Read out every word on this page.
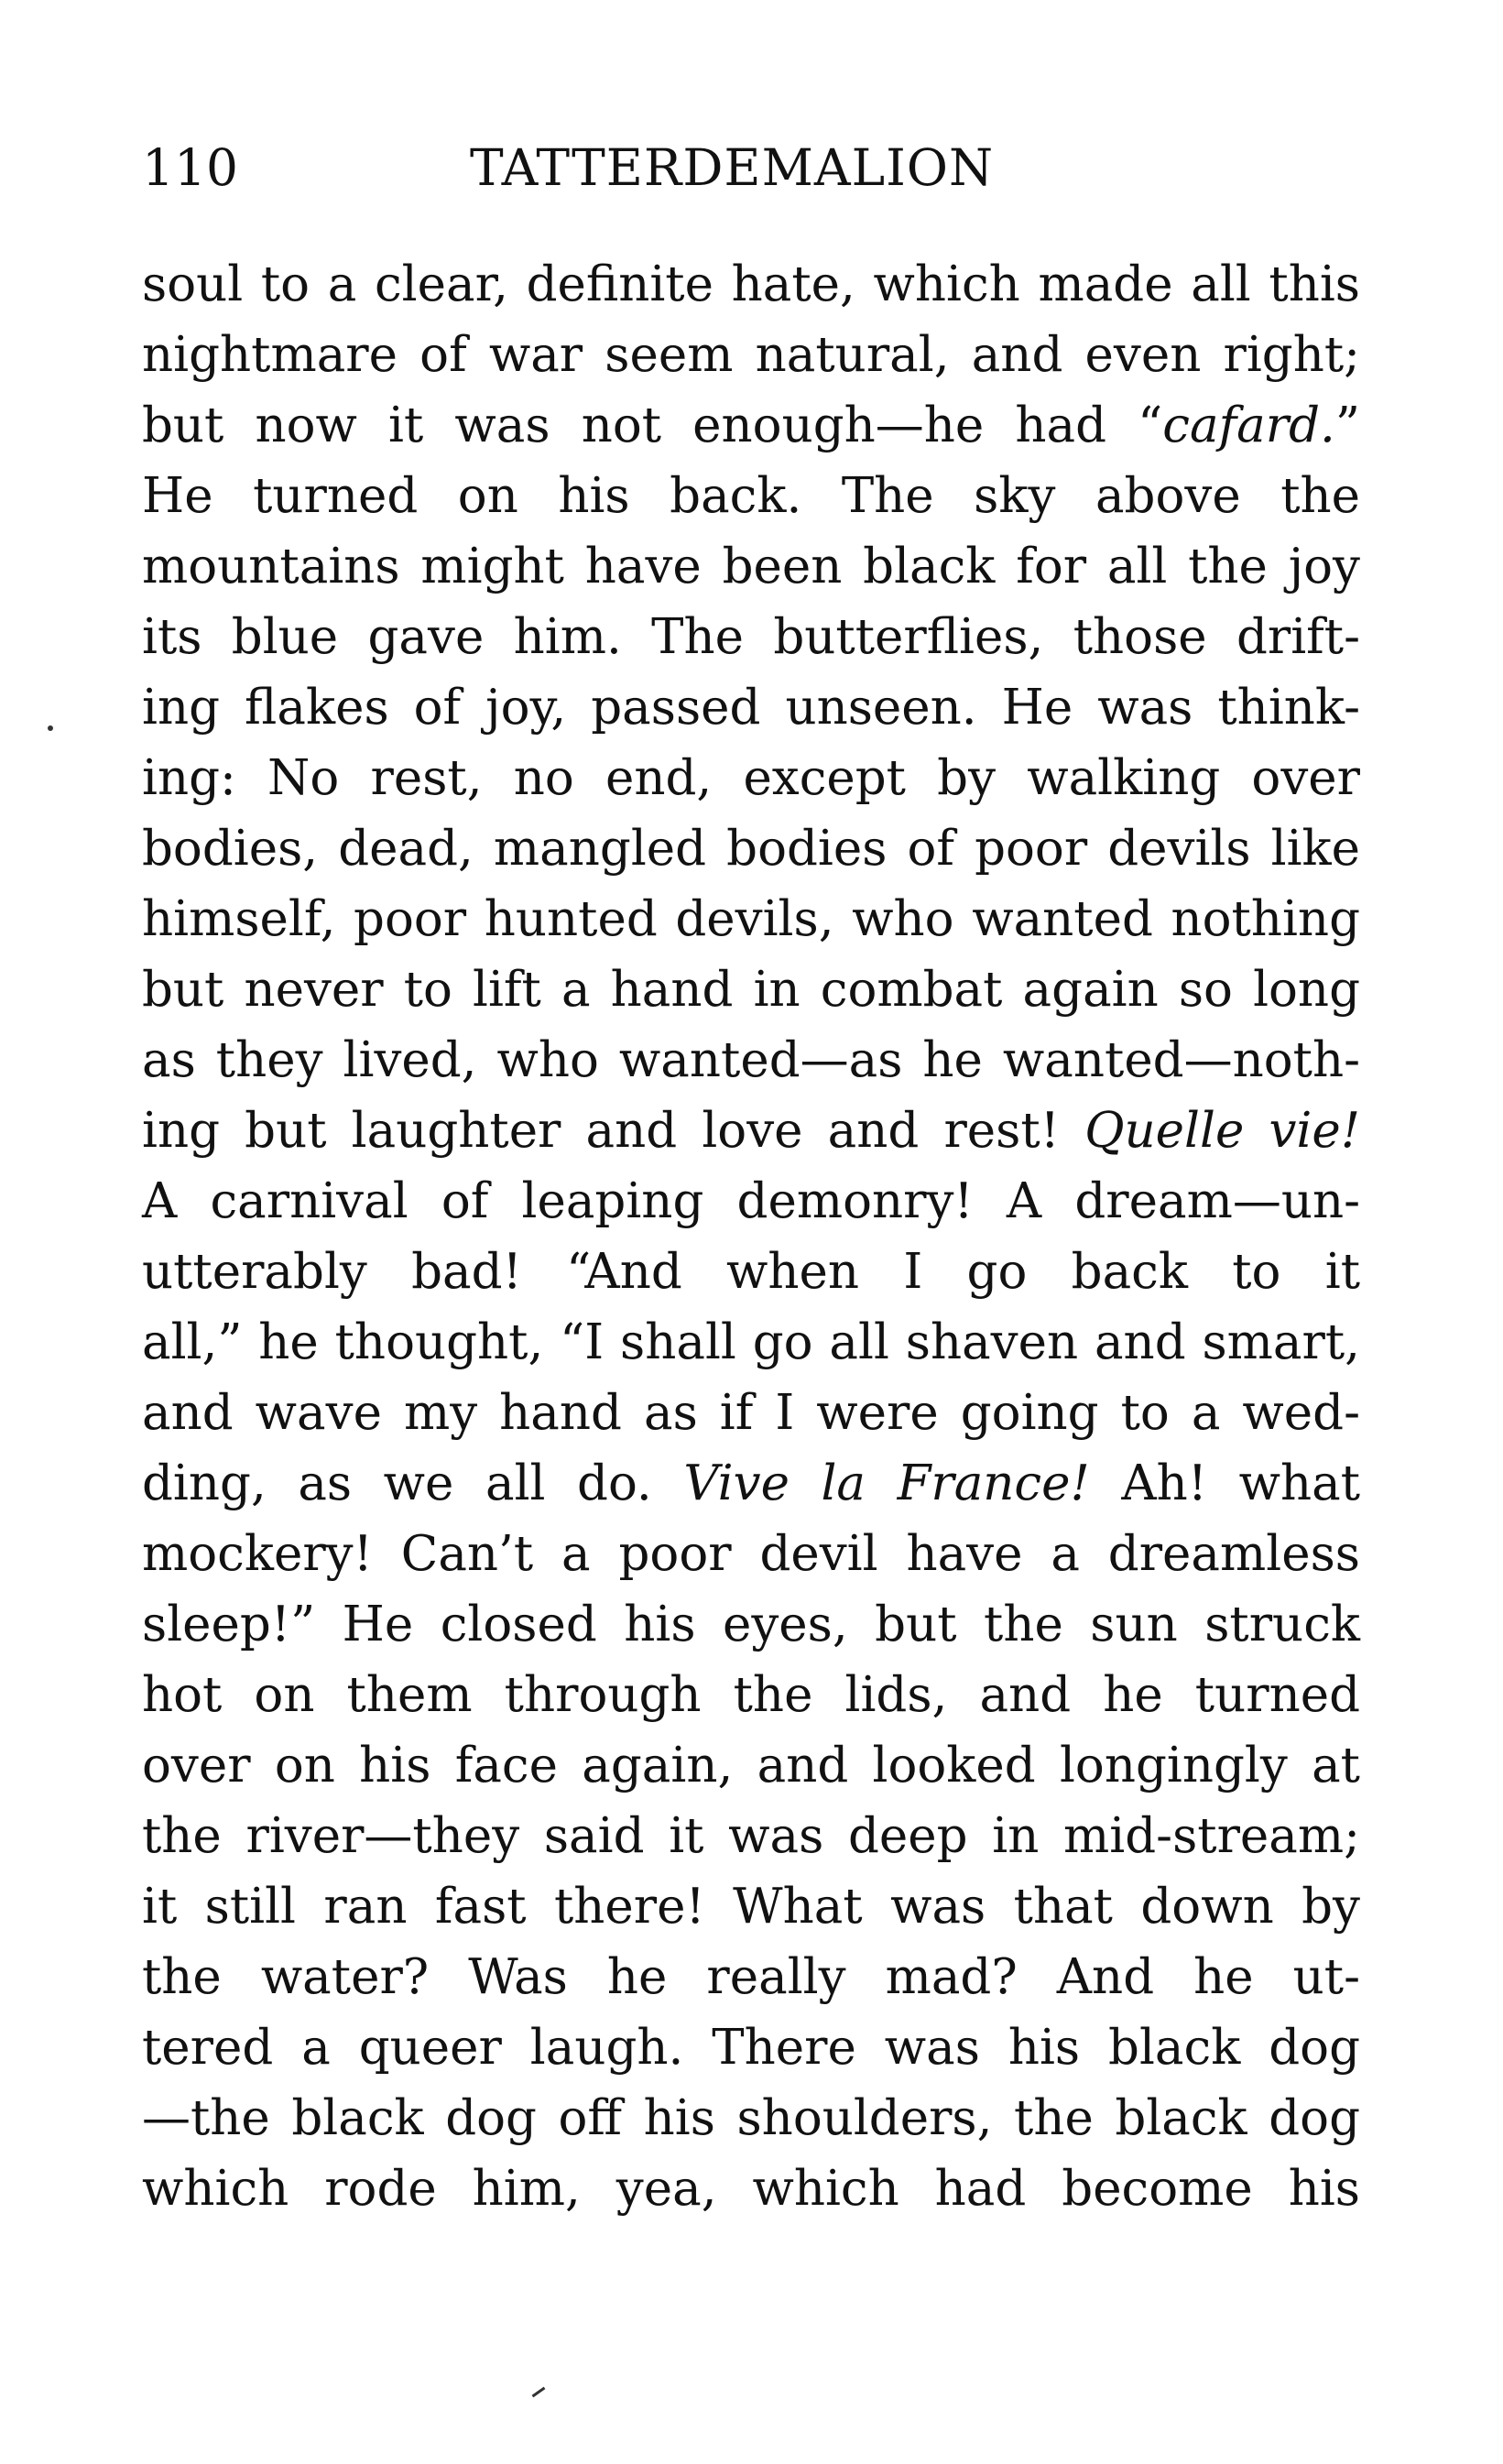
110	TATTERDEMALION
soul to a clear, definite hate, which made all this
nightmare of war seem natural, and even right;
but now it was not enough—he had “cafard.”
He turned on his back. The sky above the
mountains might have been black for all the joy
its blue gave him. The butterflies, those drift-
ing flakes of joy, passed unseen. He was think-
ing: No rest, no end, except by walking over
bodies, dead, mangled bodies of poor devils like
himself, poor hunted devils, who wanted nothing
but never to lift a hand in combat again so long
as they lived, who wanted—as he wanted—noth-
ing but laughter and love and rest! Quelle vie!
A carnival of leaping demonry! A dream—un-
utterably bad! “And when I go back to it
all,” he thought, “I shall go all shaven and smart,
and wave my hand as if I were going to a wed-
ding, as we all do. Vive la France! Ah! what
mockery! Can’t a poor devil have a dreamless
sleep!” He closed his eyes, but the sun struck
hot on them through the lids, and he turned
over on his face again, and looked longingly at
the river—they said it was deep in mid-stream;
it still ran fast there! What was that down by
the water? Was he really mad? And he ut-
tered a queer laugh. There was his black dog
—the black dog off his shoulders, the black dog
which rode him, yea, which had become his
